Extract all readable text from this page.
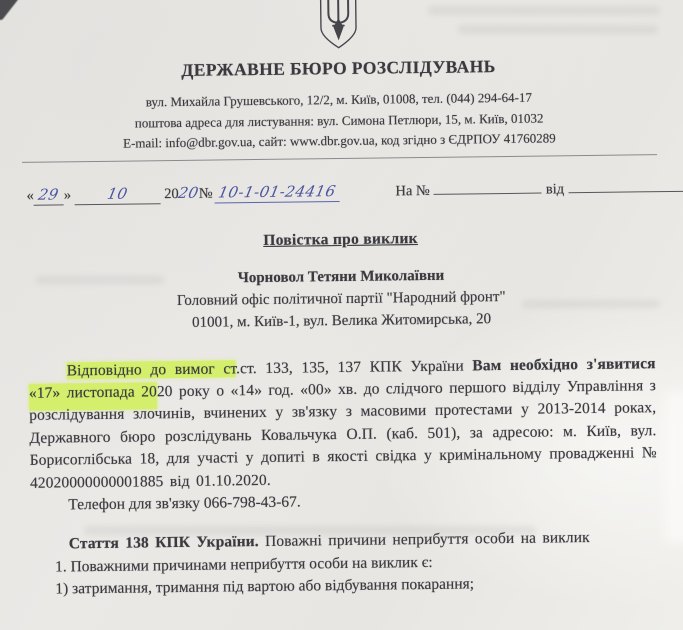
ДЕРЖАВНЕ БЮРО РОЗСЛІДУВАНЬ

вул. Михайла Грушевського, 12/2, м. Київ, 01008, тел. (044) 294-64-17

поштова адреса для листування: вул. Симона Петлюри, 15, м. Київ, 01032

E-mail: info@dbr.gov.ua, сайт: www.dbr.gov.ua, код згідно з ЄДРПОУ 41760289

« 29 » 10 2020№ 10-1-01-24416	На №	від
Повістка про виклик
Чорновол Тетяни Миколаївни
Головний офіс політичної партії "Народний фронт"
01001, м. Київ-1, вул. Велика Житомирська, 20

Відповідно до вимог ст.ст. 133, 135, 137 КПК України Вам необхідно з'явитися «17» листопада 2020 року о «14» год. «00» хв. до слідчого першого відділу Управління з розслідування злочинів, вчинених у зв'язку з масовими протестами у 2013-2014 роках, Державного бюро розслідувань Ковальчука О.П. (каб. 501), за адресою: м. Київ, вул. Борисоглібська 18, для участі у допиті в якості свідка у кримінальному провадженні № 42020000000001885 від 01.10.2020.

Телефон для зв'язку 066-798-43-67.

Стаття 138 КПК України. Поважні причини неприбуття особи на виклик

1. Поважними причинами неприбуття особи на виклик є:

1) затримання, тримання під вартою або відбування покарання;
